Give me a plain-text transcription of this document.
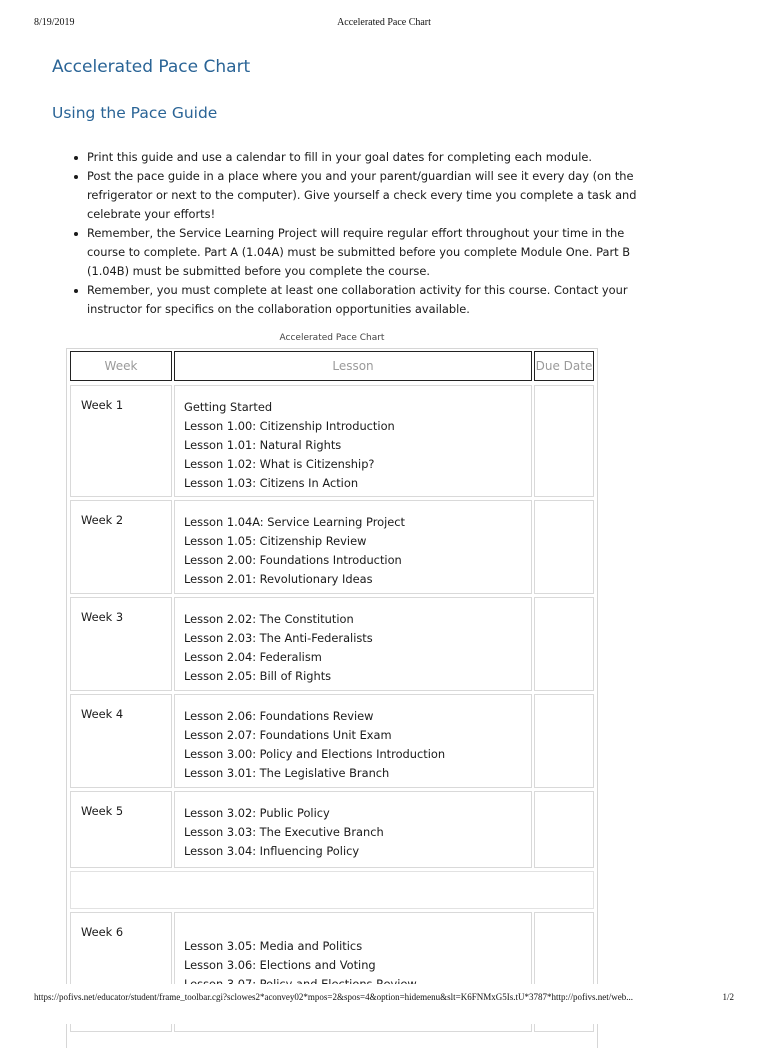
8/19/2019	Accelerated Pace Chart
Accelerated Pace Chart
Using the Pace Guide
Print this guide and use a calendar to fill in your goal dates for completing each module.
Post the pace guide in a place where you and your parent/guardian will see it every day (on the refrigerator or next to the computer). Give yourself a check every time you complete a task and celebrate your efforts!
Remember, the Service Learning Project will require regular effort throughout your time in the course to complete. Part A (1.04A) must be submitted before you complete Module One. Part B (1.04B) must be submitted before you complete the course.
Remember, you must complete at least one collaboration activity for this course. Contact your instructor for specifics on the collaboration opportunities available.
Accelerated Pace Chart
Week	Lesson	Due Date
Week 1	Getting Started
Lesson 1.00: Citizenship Introduction
Lesson 1.01: Natural Rights
Lesson 1.02: What is Citizenship?
Lesson 1.03: Citizens In Action
Week 2	Lesson 1.04A: Service Learning Project
Lesson 1.05: Citizenship Review
Lesson 2.00: Foundations Introduction
Lesson 2.01: Revolutionary Ideas
Week 3	Lesson 2.02: The Constitution
Lesson 2.03: The Anti-Federalists
Lesson 2.04: Federalism
Lesson 2.05: Bill of Rights
Week 4	Lesson 2.06: Foundations Review
Lesson 2.07: Foundations Unit Exam
Lesson 3.00: Policy and Elections Introduction
Lesson 3.01: The Legislative Branch
Week 5	Lesson 3.02: Public Policy
Lesson 3.03: The Executive Branch
Lesson 3.04: Influencing Policy
Week 6
Lesson 3.05: Media and Politics
Lesson 3.06: Elections and Voting
https://pofivs.net/educator/student/frame_toolbar.cgi?sclowes2*aconvey02*mpos=2&spos=4&option=hidemenu&slt=K6FNMxG5Is.tU*3787*http://pofivs.net/web...	1/2
